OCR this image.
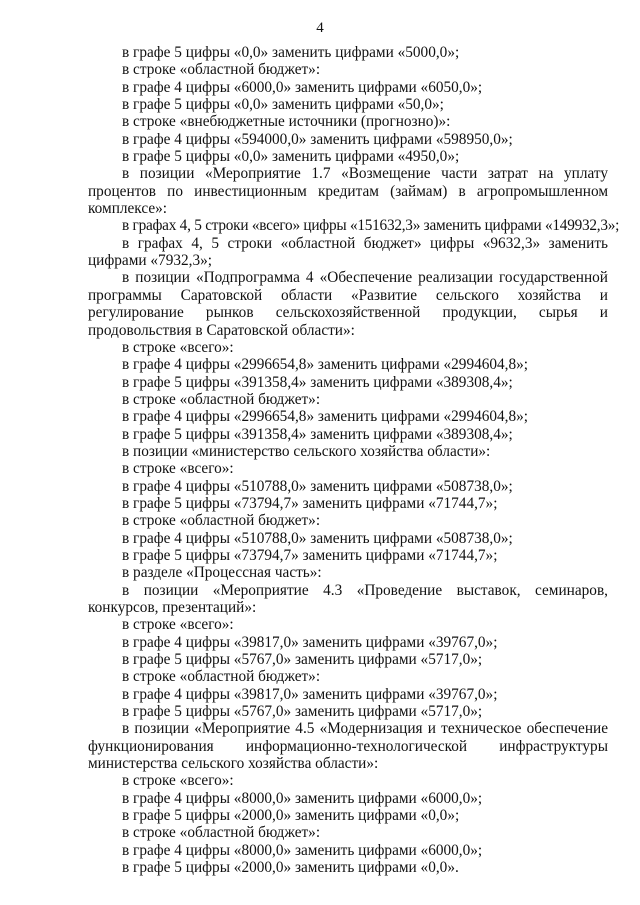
4
в графе 5 цифры «0,0» заменить цифрами «5000,0»;
в строке «областной бюджет»:
в графе 4 цифры «6000,0» заменить цифрами «6050,0»;
в графе 5 цифры «0,0» заменить цифрами «50,0»;
в строке «внебюджетные источники (прогнозно)»:
в графе 4 цифры «594000,0» заменить цифрами «598950,0»;
в графе 5 цифры «0,0» заменить цифрами «4950,0»;
в позиции «Мероприятие 1.7 «Возмещение части затрат на уплату процентов по инвестиционным кредитам (займам) в агропромышленном комплексе»:
в графах 4, 5 строки «всего» цифры «151632,3» заменить цифрами «149932,3»;
в графах 4, 5 строки «областной бюджет» цифры «9632,3» заменить цифрами «7932,3»;
в позиции «Подпрограмма 4 «Обеспечение реализации государственной программы Саратовской области «Развитие сельского хозяйства и регулирование рынков сельскохозяйственной продукции, сырья и продовольствия в Саратовской области»:
в строке «всего»:
в графе 4 цифры «2996654,8» заменить цифрами «2994604,8»;
в графе 5 цифры «391358,4» заменить цифрами «389308,4»;
в строке «областной бюджет»:
в графе 4 цифры «2996654,8» заменить цифрами «2994604,8»;
в графе 5 цифры «391358,4» заменить цифрами «389308,4»;
в позиции «министерство сельского хозяйства области»:
в строке «всего»:
в графе 4 цифры «510788,0» заменить цифрами «508738,0»;
в графе 5 цифры «73794,7» заменить цифрами «71744,7»;
в строке «областной бюджет»:
в графе 4 цифры «510788,0» заменить цифрами «508738,0»;
в графе 5 цифры «73794,7» заменить цифрами «71744,7»;
в разделе «Процессная часть»:
в позиции «Мероприятие 4.3 «Проведение выставок, семинаров, конкурсов, презентаций»:
в строке «всего»:
в графе 4 цифры «39817,0» заменить цифрами «39767,0»;
в графе 5 цифры «5767,0» заменить цифрами «5717,0»;
в строке «областной бюджет»:
в графе 4 цифры «39817,0» заменить цифрами «39767,0»;
в графе 5 цифры «5767,0» заменить цифрами «5717,0»;
в позиции «Мероприятие 4.5 «Модернизация и техническое обеспечение функционирования информационно-технологической инфраструктуры министерства сельского хозяйства области»:
в строке «всего»:
в графе 4 цифры «8000,0» заменить цифрами «6000,0»;
в графе 5 цифры «2000,0» заменить цифрами «0,0»;
в строке «областной бюджет»:
в графе 4 цифры «8000,0» заменить цифрами «6000,0»;
в графе 5 цифры «2000,0» заменить цифрами «0,0».
